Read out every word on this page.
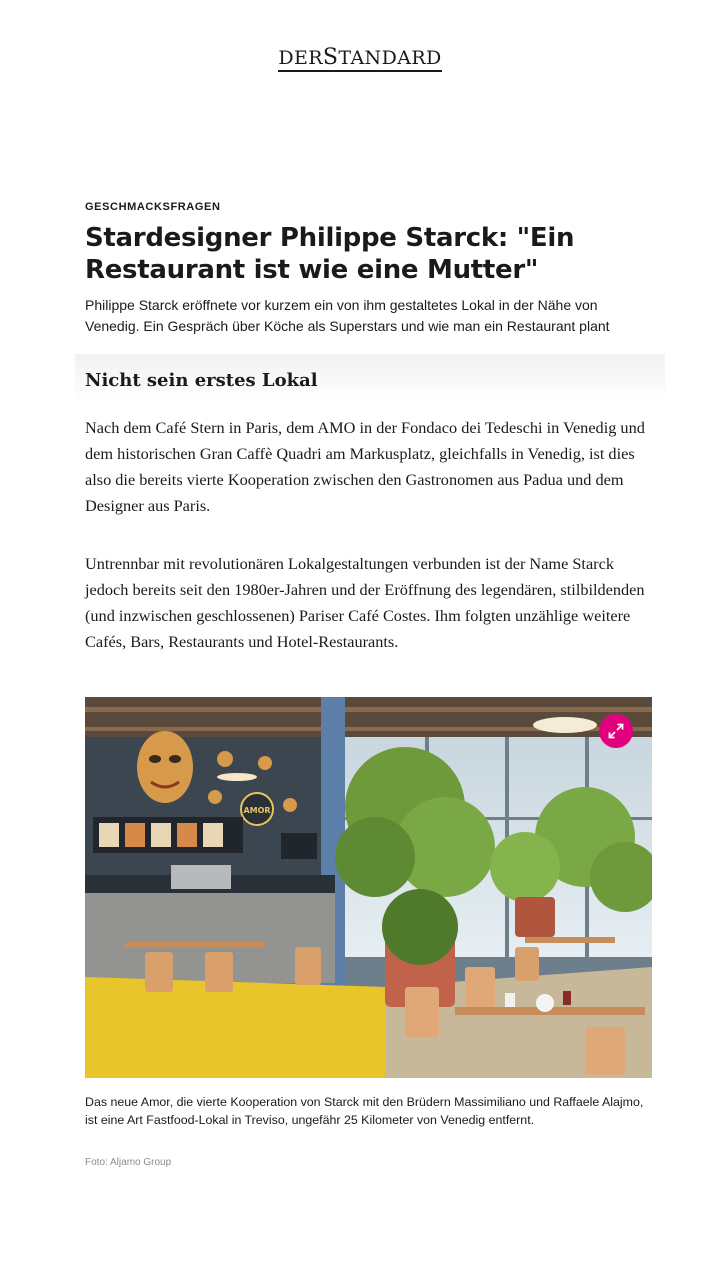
DERSTANDARD
GESCHMACKSFRAGEN
Stardesigner Philippe Starck: "Ein Restaurant ist wie eine Mutter"

Philippe Starck eröffnete vor kurzem ein von ihm gestaltetes Lokal in der Nähe von Venedig. Ein Gespräch über Köche als Superstars und wie man ein Restaurant plant

Nicht sein erstes Lokal

Nach dem Café Stern in Paris, dem AMO in der Fondaco dei Tedeschi in Venedig und dem historischen Gran Caffè Quadri am Markusplatz, gleichfalls in Venedig, ist dies also die bereits vierte Kooperation zwischen den Gastronomen aus Padua und dem Designer aus Paris.

Untrennbar mit revolutionären Lokalgestaltungen verbunden ist der Name Starck jedoch bereits seit den 1980er-Jahren und der Eröffnung des legendären, stilbildenden (und inzwischen geschlossenen) Pariser Café Costes. Ihm folgten unzählige weitere Cafés, Bars, Restaurants und Hotel-Restaurants.

AMOR

Das neue Amor, die vierte Kooperation von Starck mit den Brüdern Massimiliano und Raffaele Alajmo, ist eine Art Fastfood-Lokal in Treviso, ungefähr 25 Kilometer von Venedig entfernt.

Foto: Aljamo Group
